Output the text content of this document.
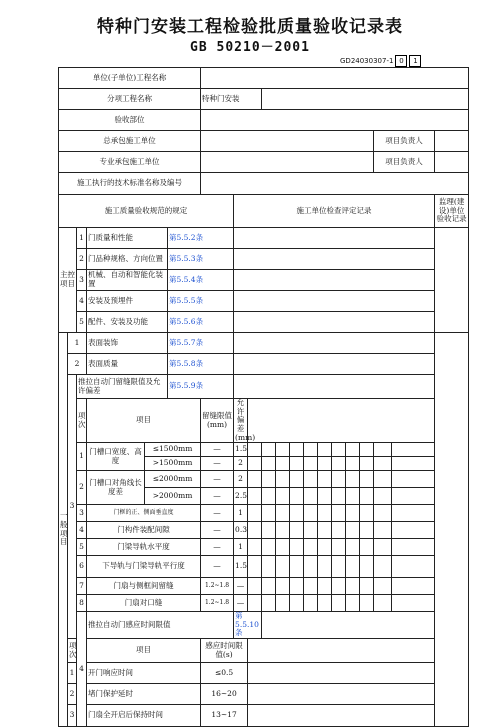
特种门安装工程检验批质量验收记录表
GB 50210－2001
GD24030307-1 0	1
单位(子单位)工程名称																				
分项工程名称						特种门安装														
验收部位																				
总承包施工单位																	项目负责人			
专业承包施工单位																	项目负责人			
施工执行的技术标准名称及编号																				
施工质量验收规范的规定							施工单位检查评定记录												监理(建设)单位验收记录	
主控项目		1	门质量和性能		第5.5.2条															
		2	门品种规格、方向位置		第5.5.3条															
		3	机械、自动和智能化装置		第5.5.4条															
		4	安装及预埋件		第5.5.5条															
		5	配件、安装及功能		第5.5.6条															
一般项目	1		表面装饰		第5.5.7条															
	2		表面质量		第5.5.8条															
	3	推拉自动门留缝限值及允许偏差			第5.5.9条															
		项次	项目			留缝限值(mm)	允许偏差(mm)													
		1	门槽口宽度、高度	≤1500mm		—	1.5													
				>1500mm		—	2													
		2	门槽口对角线长度差	≤2000mm		—	2													
				>2000mm		—	2.5													
		3	门框的正、侧面垂直度			—	1													
		4	门构件装配间隙			—	0.3													
		5	门梁导轨水平度			—	1													
		6	下导轨与门梁导轨平行度			—	1.5													
		7	门扇与侧框间留缝			1.2~1.8	—													
		8	门扇对口缝			1.2~1.8	—													
		4	推拉自动门感应时间限值				第5.5.10条													
	项次		项目			感应时间限值(s)														
	1		开门响应时间			≤0.5														
	2		堵门保护延时			16~20														
	3		门扇全开启后保持时间			13~17														
